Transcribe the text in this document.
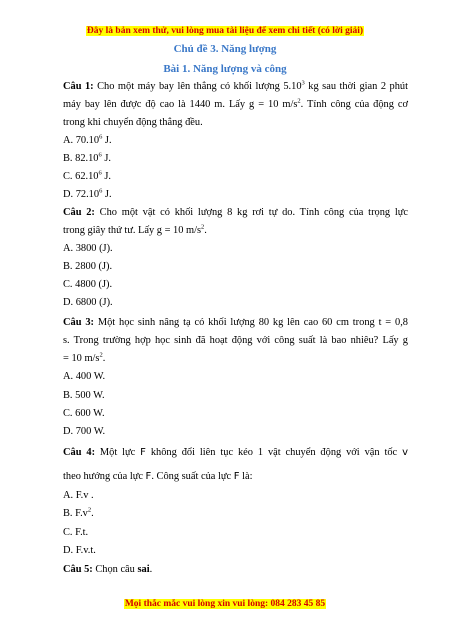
Đây là bản xem thử, vui lòng mua tài liệu để xem chi tiết (có lời giải)
Chủ đề 3. Năng lượng
Bài 1. Năng lượng và công
Câu 1: Cho một máy bay lên thẳng có khối lượng 5.10$^3$ kg sau thời gian 2 phút
máy bay lên được độ cao là 1440 m. Lấy g = 10 $m/s^2$. Tính công của động cơ
trong khi chuyển động thẳng đều.
A. 70.10$^6$ J.
B. 82.10$^6$ J.
C. 62.10$^6$ J.
D. 72.10$^6$ J.
Câu 2: Cho một vật có khối lượng 8 kg rơi tự do. Tính công của trọng lực
trong giây thứ tư. Lấy g = 10 $m/s^2$.
A. 3800 (J).
B. 2800 (J).
C. 4800 (J).
D. 6800 (J).
Câu 3: Một học sinh nâng tạ có khối lượng 80 kg lên cao 60 cm trong t = 0,8
s. Trong trường hợp học sinh đã hoạt động với công suất là bao nhiêu? Lấy g
= 10 $m/s^2$.
A. 400 W.
B. 500 W.
C. 600 W.
D. 700 W.
Câu 4: Một lực F không đổi liên tục kéo 1 vật chuyển động với vận tốc v
theo hướng của lực F. Công suất của lực F là:
A. F.v .
B. $F.v^2$.
C. F.t.
D. F.v.t.
Câu 5: Chọn câu sai.
Mọi thắc mắc vui lòng xin vui lòng: 084 283 45 85
